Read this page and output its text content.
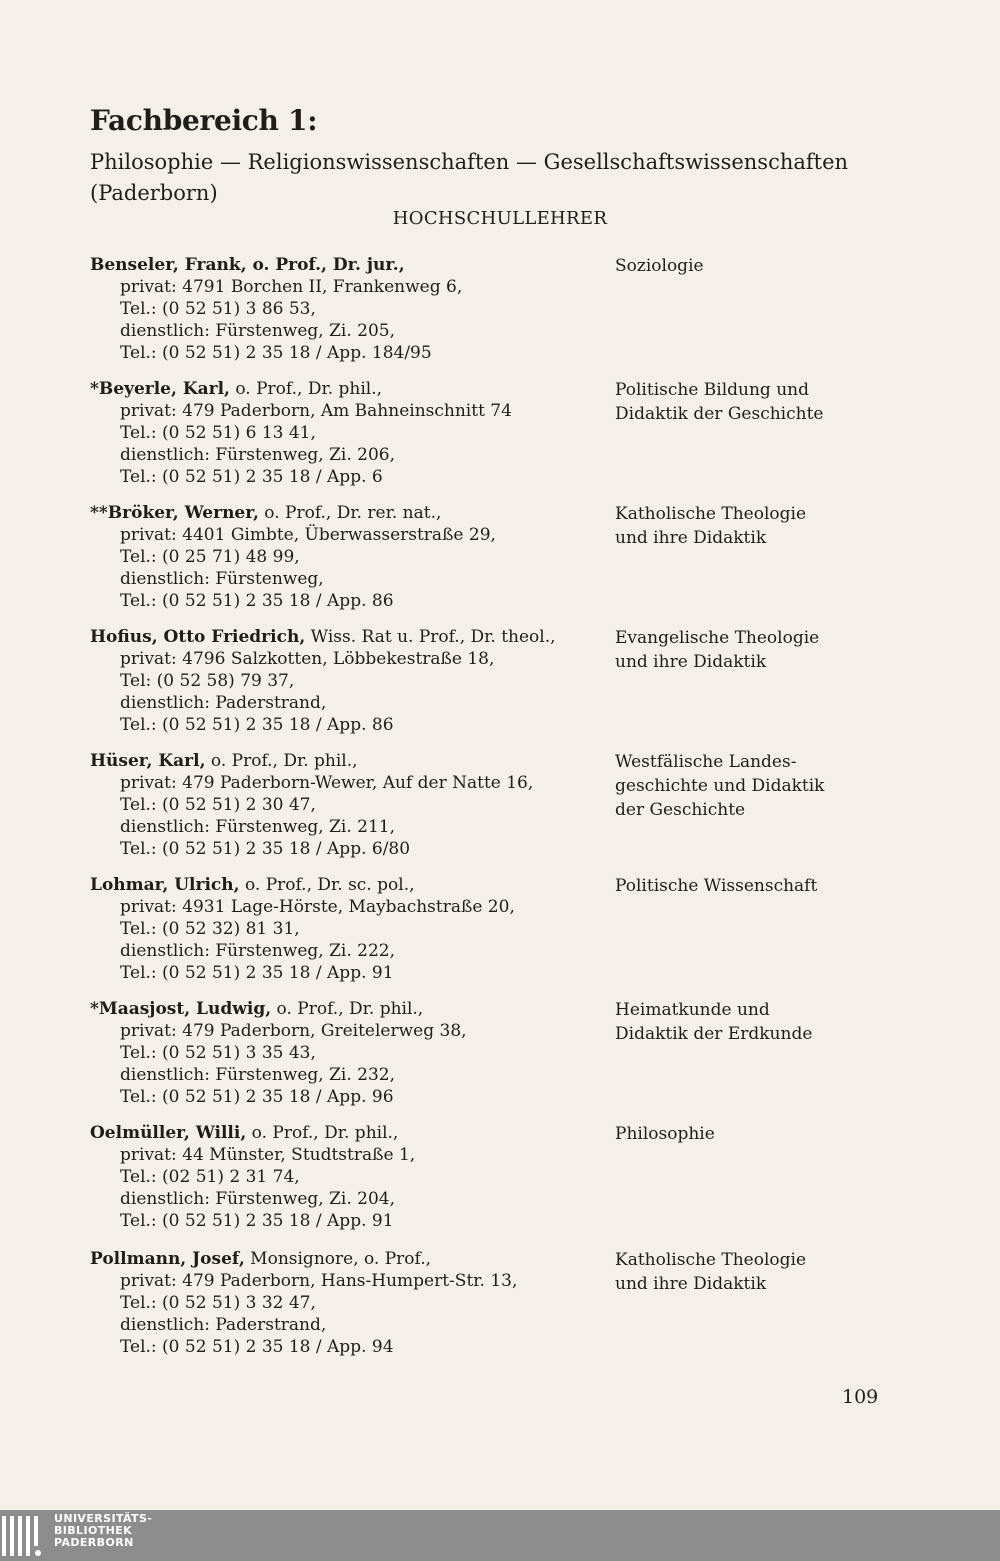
Fachbereich 1:
Philosophie — Religionswissenschaften — Gesellschaftswissenschaften
(Paderborn)
HOCHSCHULLEHRER
Benseler, Frank, o. Prof., Dr. jur.,
privat: 4791 Borchen II, Frankenweg 6,
Tel.: (0 52 51) 3 86 53,
dienstlich: Fürstenweg, Zi. 205,
Tel.: (0 52 51) 2 35 18 / App. 184/95
Soziologie
*Beyerle, Karl, o. Prof., Dr. phil.,
privat: 479 Paderborn, Am Bahneinschnitt 74
Tel.: (0 52 51) 6 13 41,
dienstlich: Fürstenweg, Zi. 206,
Tel.: (0 52 51) 2 35 18 / App. 6
Politische Bildung und
Didaktik der Geschichte
**Bröker, Werner, o. Prof., Dr. rer. nat.,
privat: 4401 Gimbte, Überwasserstraße 29,
Tel.: (0 25 71) 48 99,
dienstlich: Fürstenweg,
Tel.: (0 52 51) 2 35 18 / App. 86
Katholische Theologie
und ihre Didaktik
Hofius, Otto Friedrich, Wiss. Rat u. Prof., Dr. theol.,
privat: 4796 Salzkotten, Löbbekestraße 18,
Tel: (0 52 58) 79 37,
dienstlich: Paderstrand,
Tel.: (0 52 51) 2 35 18 / App. 86
Evangelische Theologie
und ihre Didaktik
Hüser, Karl, o. Prof., Dr. phil.,
privat: 479 Paderborn-Wewer, Auf der Natte 16,
Tel.: (0 52 51) 2 30 47,
dienstlich: Fürstenweg, Zi. 211,
Tel.: (0 52 51) 2 35 18 / App. 6/80
Westfälische Landes-
geschichte und Didaktik
der Geschichte
Lohmar, Ulrich, o. Prof., Dr. sc. pol.,
privat: 4931 Lage-Hörste, Maybachstraße 20,
Tel.: (0 52 32) 81 31,
dienstlich: Fürstenweg, Zi. 222,
Tel.: (0 52 51) 2 35 18 / App. 91
Politische Wissenschaft
*Maasjost, Ludwig, o. Prof., Dr. phil.,
privat: 479 Paderborn, Greitelerweg 38,
Tel.: (0 52 51) 3 35 43,
dienstlich: Fürstenweg, Zi. 232,
Tel.: (0 52 51) 2 35 18 / App. 96
Heimatkunde und
Didaktik der Erdkunde
Oelmüller, Willi, o. Prof., Dr. phil.,
privat: 44 Münster, Studtstraße 1,
Tel.: (02 51) 2 31 74,
dienstlich: Fürstenweg, Zi. 204,
Tel.: (0 52 51) 2 35 18 / App. 91
Philosophie
Pollmann, Josef, Monsignore, o. Prof.,
privat: 479 Paderborn, Hans-Humpert-Str. 13,
Tel.: (0 52 51) 3 32 47,
dienstlich: Paderstrand,
Tel.: (0 52 51) 2 35 18 / App. 94
Katholische Theologie
und ihre Didaktik
109
UNIVERSITÄTS-
BIBLIOTHEK
PADERBORN
